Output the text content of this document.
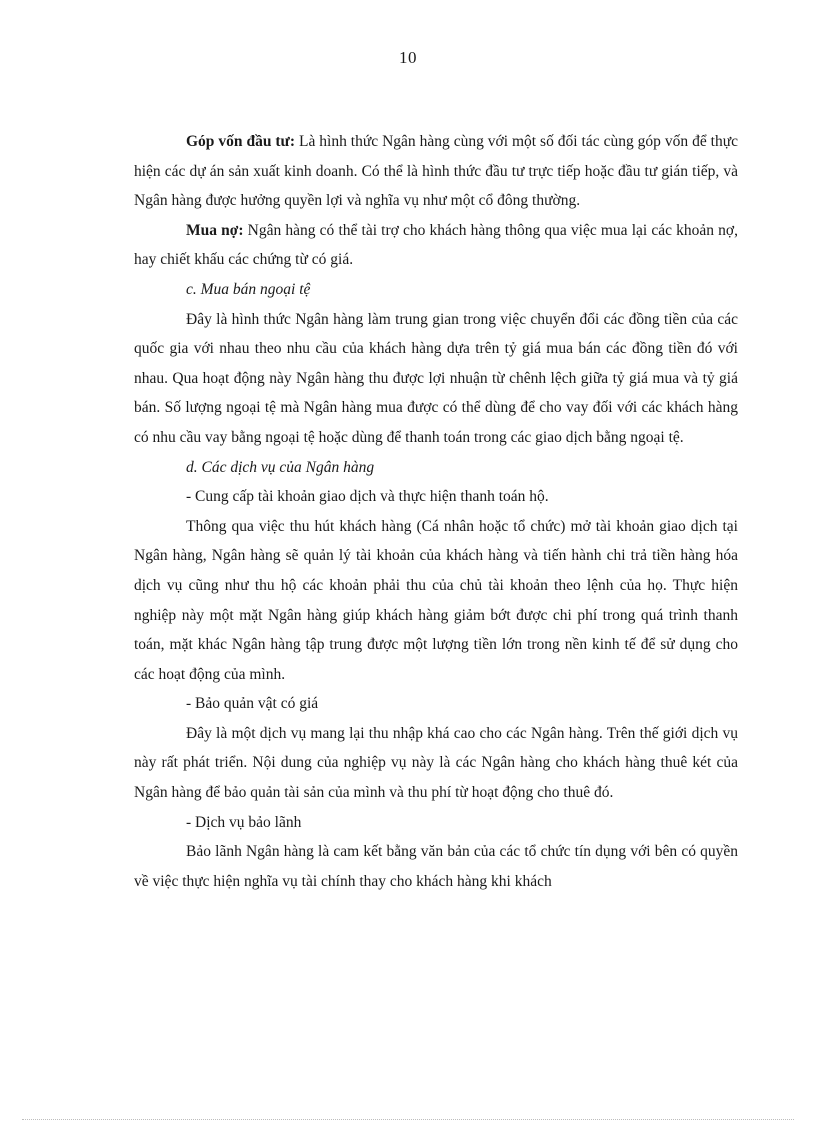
10

Góp vốn đầu tư: Là hình thức Ngân hàng cùng với một số đối tác cùng góp vốn để thực hiện các dự án sản xuất kinh doanh. Có thể là hình thức đầu tư trực tiếp hoặc đầu tư gián tiếp, và Ngân hàng được hưởng quyền lợi và nghĩa vụ như một cổ đông thường.

Mua nợ: Ngân hàng có thể tài trợ cho khách hàng thông qua việc mua lại các khoản nợ, hay chiết khấu các chứng từ có giá.

c. Mua bán ngoại tệ

Đây là hình thức Ngân hàng làm trung gian trong việc chuyển đổi các đồng tiền của các quốc gia với nhau theo nhu cầu của khách hàng dựa trên tỷ giá mua bán các đồng tiền đó với nhau. Qua hoạt động này Ngân hàng thu được lợi nhuận từ chênh lệch giữa tỷ giá mua và tỷ giá bán. Số lượng ngoại tệ mà Ngân hàng mua được có thể dùng để cho vay đối với các khách hàng có nhu cầu vay bằng ngoại tệ hoặc dùng để thanh toán trong các giao dịch bằng ngoại tệ.

d. Các dịch vụ của Ngân hàng

- Cung cấp tài khoản giao dịch và thực hiện thanh toán hộ.

Thông qua việc thu hút khách hàng (Cá nhân hoặc tổ chức) mở tài khoản giao dịch tại Ngân hàng, Ngân hàng sẽ quản lý tài khoản của khách hàng và tiến hành chi trả tiền hàng hóa dịch vụ cũng như thu hộ các khoản phải thu của chủ tài khoản theo lệnh của họ. Thực hiện nghiệp này một mặt Ngân hàng giúp khách hàng giảm bớt được chi phí trong quá trình thanh toán, mặt khác Ngân hàng tập trung được một lượng tiền lớn trong nền kinh tế để sử dụng cho các hoạt động của mình.

- Bảo quản vật có giá

Đây là một dịch vụ mang lại thu nhập khá cao cho các Ngân hàng. Trên thế giới dịch vụ này rất phát triển. Nội dung của nghiệp vụ này là các Ngân hàng cho khách hàng thuê két của Ngân hàng để bảo quản tài sản của mình và thu phí từ hoạt động cho thuê đó.

- Dịch vụ bảo lãnh

Bảo lãnh Ngân hàng là cam kết bằng văn bản của các tổ chức tín dụng với bên có quyền về việc thực hiện nghĩa vụ tài chính thay cho khách hàng khi khách
